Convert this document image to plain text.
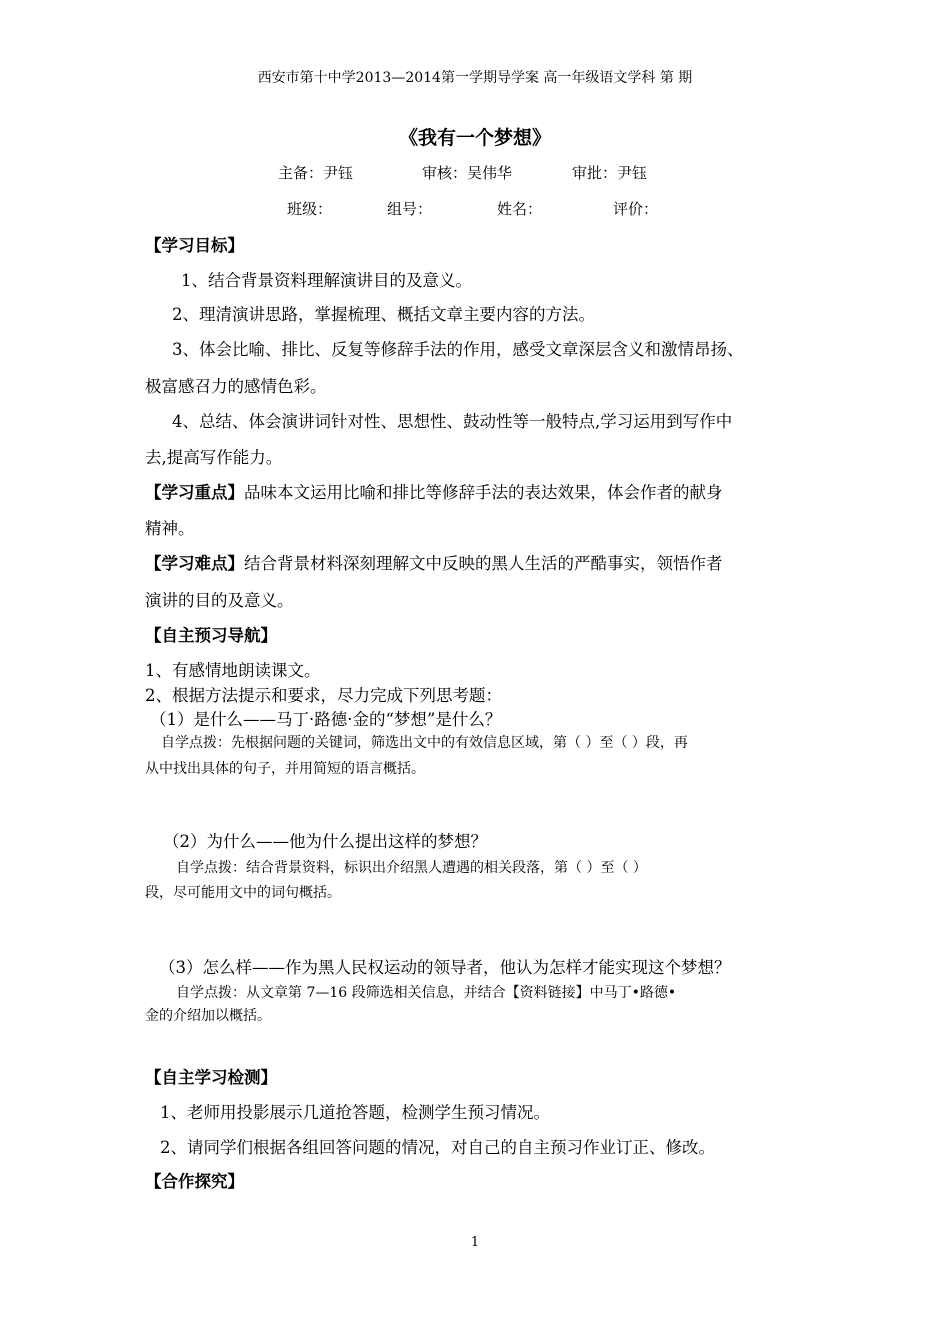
西安市第十中学2013—2014第一学期导学案 高一年级语文学科 第 期
《我有一个梦想》
主备：尹钰	审核：吴伟华	审批：尹钰
班级：	组号：	姓名：	评价：
【学习目标】
1、结合背景资料理解演讲目的及意义。
2、理清演讲思路，掌握梳理、概括文章主要内容的方法。
3、体会比喻、排比、反复等修辞手法的作用，感受文章深层含义和激情昂扬、
极富感召力的感情色彩。
4、总结、体会演讲词针对性、思想性、鼓动性等一般特点,学习运用到写作中
去,提高写作能力。
【学习重点】品味本文运用比喻和排比等修辞手法的表达效果，体会作者的献身
精神。
【学习难点】结合背景材料深刻理解文中反映的黑人生活的严酷事实，领悟作者
演讲的目的及意义。
【自主预习导航】
1、有感情地朗读课文。
2、根据方法提示和要求，尽力完成下列思考题：
（1）是什么——马丁·路德·金的“梦想”是什么？
自学点拨：先根据问题的关键词，筛选出文中的有效信息区域，第（ ）至（ ）段，再
从中找出具体的句子，并用简短的语言概括。
（2）为什么——他为什么提出这样的梦想？
自学点拨：结合背景资料，标识出介绍黑人遭遇的相关段落，第（ ）至（ ）
段，尽可能用文中的词句概括。
（3）怎么样——作为黑人民权运动的领导者，他认为怎样才能实现这个梦想？
自学点拨：从文章第 7—16 段筛选相关信息，并结合【资料链接】中马丁•路德•
金的介绍加以概括。
【自主学习检测】
1、老师用投影展示几道抢答题，检测学生预习情况。
2、请同学们根据各组回答问题的情况，对自己的自主预习作业订正、修改。
【合作探究】
1
